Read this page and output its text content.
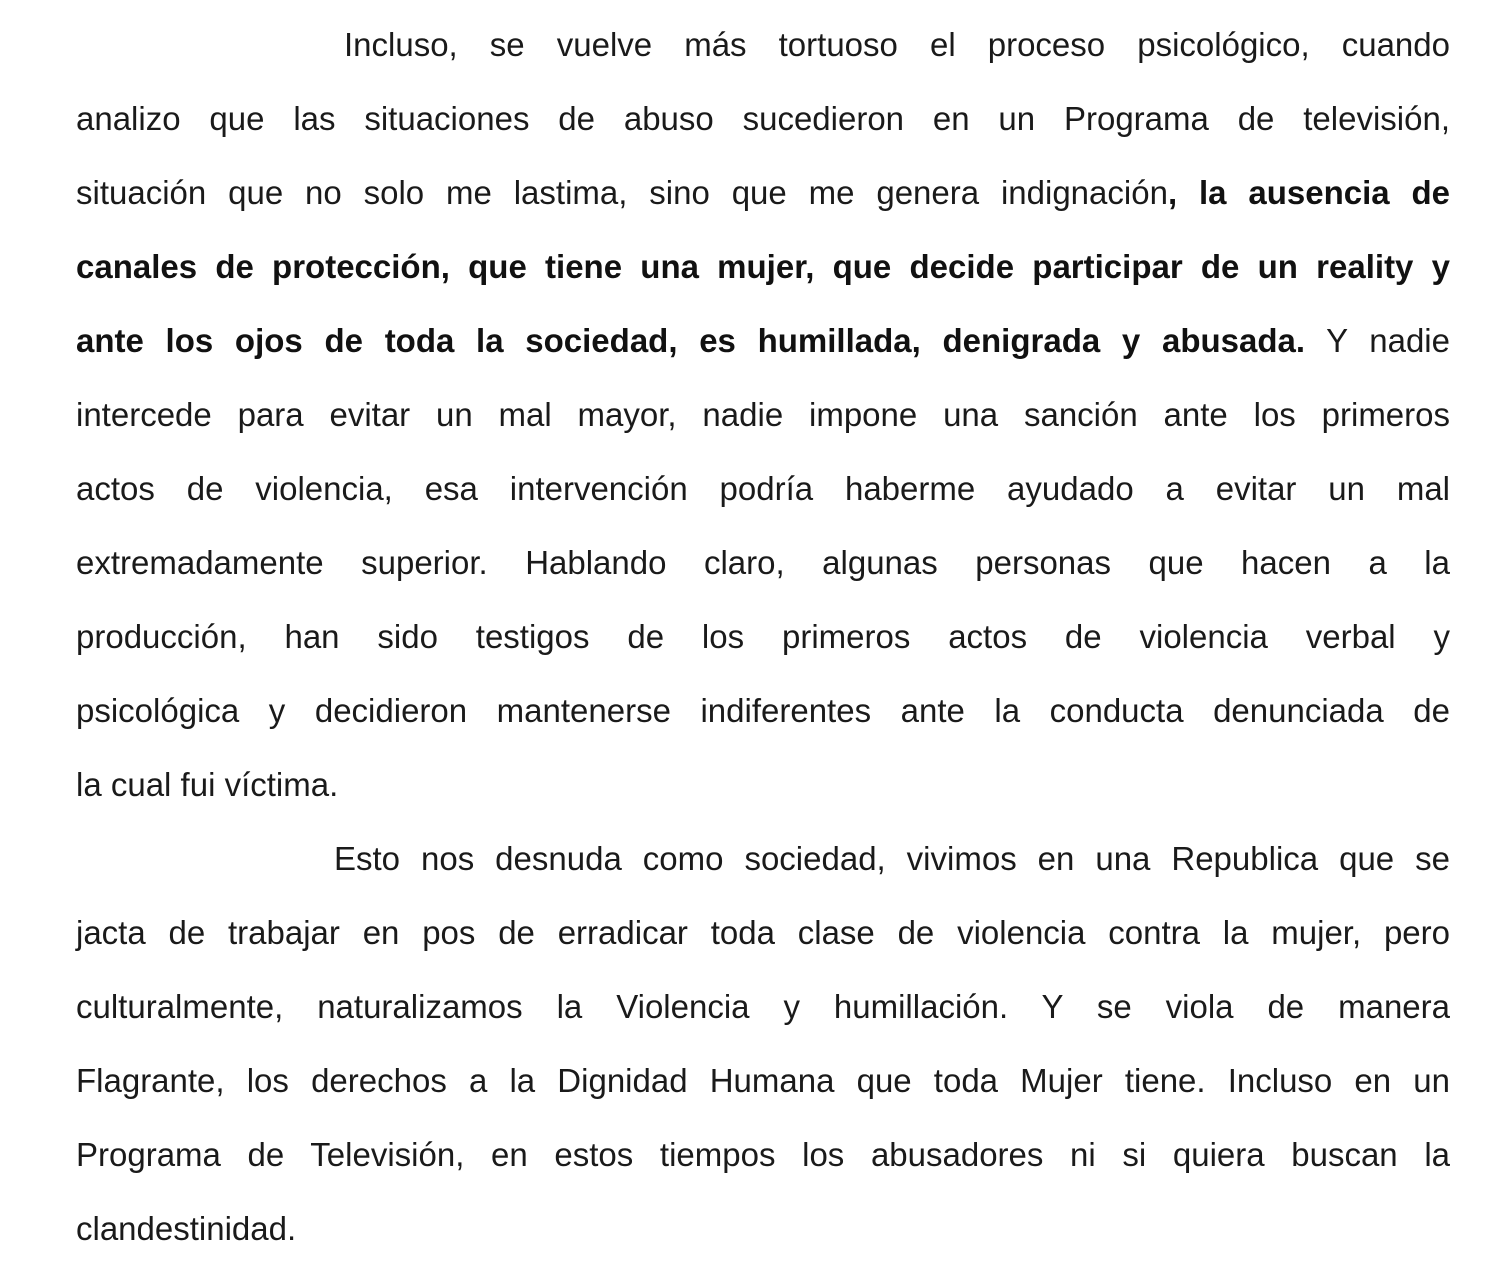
Incluso, se vuelve más tortuoso el proceso psicológico, cuando
analizo que las situaciones de abuso sucedieron en un Programa de televisión,
situación que no solo me lastima, sino que me genera indignación, la ausencia de
canales de protección, que tiene una mujer, que decide participar de un reality y
ante los ojos de toda la sociedad, es humillada, denigrada y abusada. Y nadie
intercede para evitar un mal mayor, nadie impone una sanción ante los primeros
actos de violencia, esa intervención podría haberme ayudado a evitar un mal
extremadamente superior. Hablando claro, algunas personas que hacen a la
producción, han sido testigos de los primeros actos de violencia verbal y
psicológica y decidieron mantenerse indiferentes ante la conducta denunciada de
la cual fui víctima.
Esto nos desnuda como sociedad, vivimos en una Republica que se
jacta de trabajar en pos de erradicar toda clase de violencia contra la mujer, pero
culturalmente, naturalizamos la Violencia y humillación. Y se viola de manera
Flagrante, los derechos a la Dignidad Humana que toda Mujer tiene. Incluso en un
Programa de Televisión, en estos tiempos los abusadores ni si quiera buscan la
clandestinidad.
